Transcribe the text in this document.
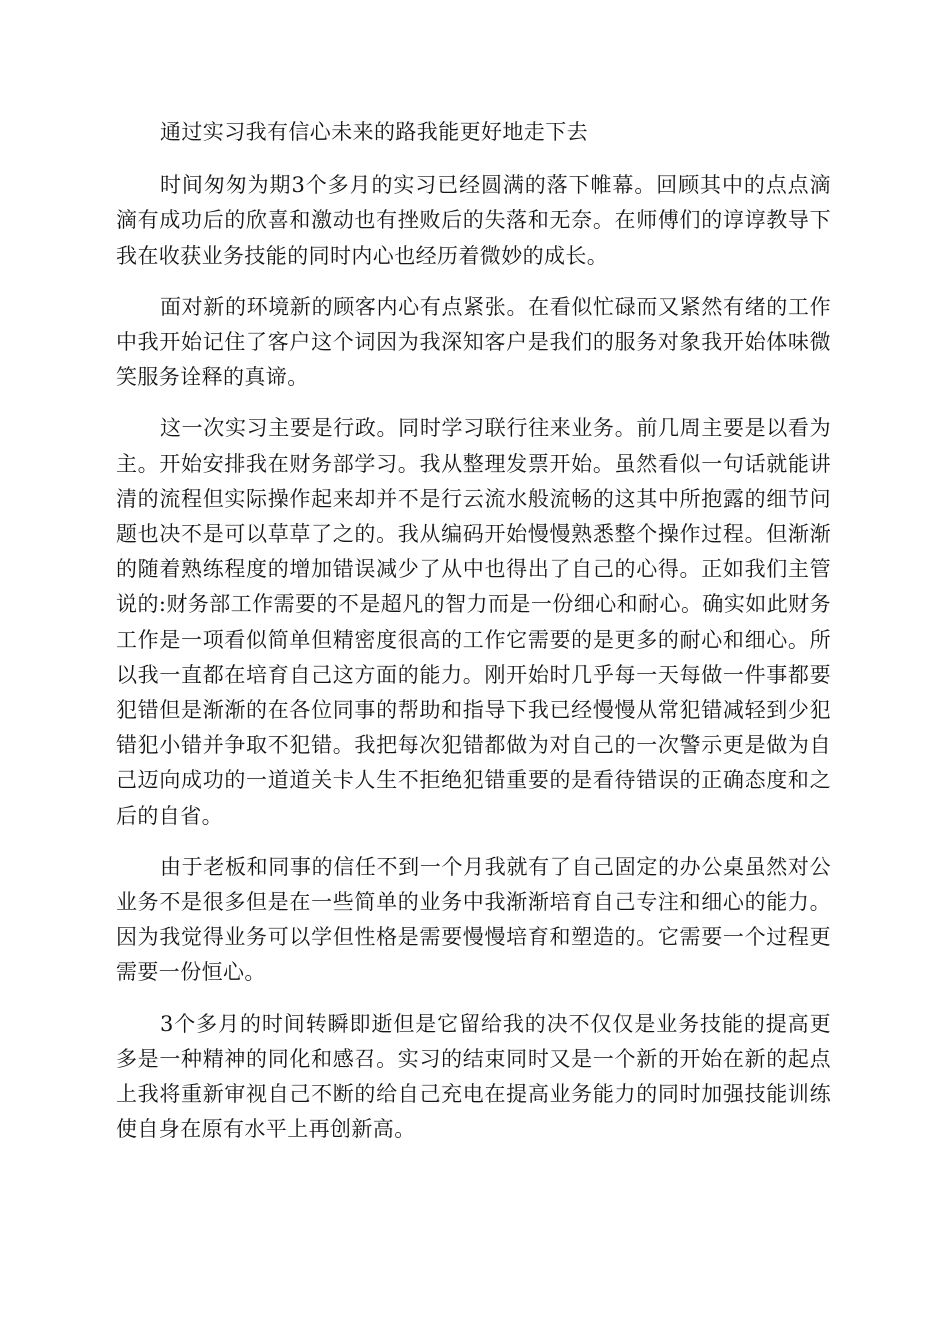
通过实习我有信心未来的路我能更好地走下去

时间匆匆为期3个多月的实习已经圆满的落下帷幕。回顾其中的点点滴滴有成功后的欣喜和激动也有挫败后的失落和无奈。在师傅们的谆谆教导下我在收获业务技能的同时内心也经历着微妙的成长。

面对新的环境新的顾客内心有点紧张。在看似忙碌而又紧然有绪的工作中我开始记住了客户这个词因为我深知客户是我们的服务对象我开始体味微笑服务诠释的真谛。

这一次实习主要是行政。同时学习联行往来业务。前几周主要是以看为主。开始安排我在财务部学习。我从整理发票开始。虽然看似一句话就能讲清的流程但实际操作起来却并不是行云流水般流畅的这其中所抱露的细节问题也决不是可以草草了之的。我从编码开始慢慢熟悉整个操作过程。但渐渐的随着熟练程度的增加错误减少了从中也得出了自己的心得。正如我们主管说的:财务部工作需要的不是超凡的智力而是一份细心和耐心。确实如此财务工作是一项看似简单但精密度很高的工作它需要的是更多的耐心和细心。所以我一直都在培育自己这方面的能力。刚开始时几乎每一天每做一件事都要犯错但是渐渐的在各位同事的帮助和指导下我已经慢慢从常犯错减轻到少犯错犯小错并争取不犯错。我把每次犯错都做为对自己的一次警示更是做为自己迈向成功的一道道关卡人生不拒绝犯错重要的是看待错误的正确态度和之后的自省。

由于老板和同事的信任不到一个月我就有了自己固定的办公桌虽然对公业务不是很多但是在一些简单的业务中我渐渐培育自己专注和细心的能力。因为我觉得业务可以学但性格是需要慢慢培育和塑造的。它需要一个过程更需要一份恒心。

3个多月的时间转瞬即逝但是它留给我的决不仅仅是业务技能的提高更多是一种精神的同化和感召。实习的结束同时又是一个新的开始在新的起点上我将重新审视自己不断的给自己充电在提高业务能力的同时加强技能训练使自身在原有水平上再创新高。
